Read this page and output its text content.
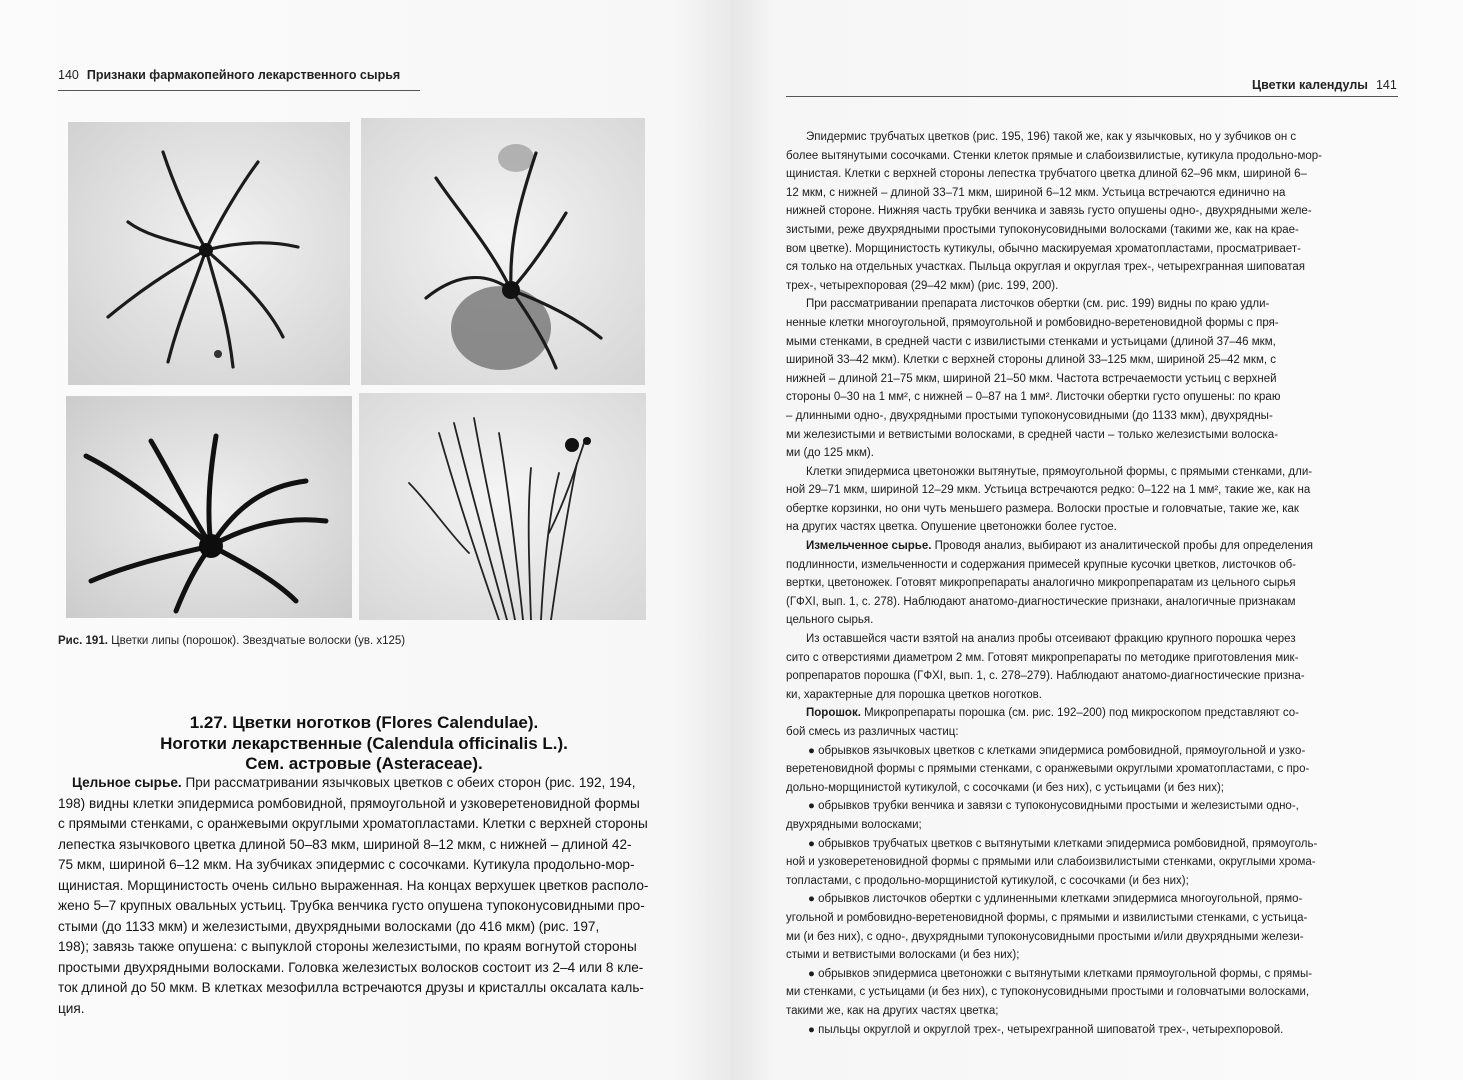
140 Признаки фармакопейного лекарственного сырья
Рис. 191. Цветки липы (порошок). Звездчатые волоски (ув. х125)
1.27. Цветки ноготков (Flores Calendulae).
Ноготки лекарственные (Calendula officinalis L.).
Сем. астровые (Asteraceae).
Цельное сырье. При рассматривании язычковых цветков с обеих сторон (рис. 192, 194,
198) видны клетки эпидермиса ромбовидной, прямоугольной и узковеретеновидной формы
с прямыми стенками, с оранжевыми округлыми хроматопластами. Клетки с верхней стороны
лепестка язычкового цветка длиной 50–83 мкм, шириной 8–12 мкм, с нижней – длиной 42-
75 мкм, шириной 6–12 мкм. На зубчиках эпидермис с сосочками. Кутикула продольно-мор-
щинистая. Морщинистость очень сильно выраженная. На концах верхушек цветков располо-
жено 5–7 крупных овальных устьиц. Трубка венчика густо опушена тупоконусовидными про-
стыми (до 1133 мкм) и железистыми, двухрядными волосками (до 416 мкм) (рис. 197,
198); завязь также опушена: с выпуклой стороны железистыми, по краям вогнутой стороны
простыми двухрядными волосками. Головка железистых волосков состоит из 2–4 или 8 кле-
ток длиной до 50 мкм. В клетках мезофилла встречаются друзы и кристаллы оксалата каль-
ция.
Цветки календулы 141
Эпидермис трубчатых цветков (рис. 195, 196) такой же, как у язычковых, но у зубчиков он с
более вытянутыми сосочками. Стенки клеток прямые и слабоизвилистые, кутикула продольно-мор-
щинистая. Клетки с верхней стороны лепестка трубчатого цветка длиной 62–96 мкм, шириной 6–
12 мкм, с нижней – длиной 33–71 мкм, шириной 6–12 мкм. Устьица встречаются единично на
нижней стороне. Нижняя часть трубки венчика и завязь густо опушены одно-, двухрядными желе-
зистыми, реже двухрядными простыми тупоконусовидными волосками (такими же, как на крае-
вом цветке). Морщинистость кутикулы, обычно маскируемая хроматопластами, просматривает-
ся только на отдельных участках. Пыльца округлая и округлая трех-, четырехгранная шиповатая
трех-, четырехпоровая (29–42 мкм) (рис. 199, 200).
При рассматривании препарата листочков обертки (см. рис. 199) видны по краю удли-
ненные клетки многоугольной, прямоугольной и ромбовидно-веретеновидной формы с пря-
мыми стенками, в средней части с извилистыми стенками и устьицами (длиной 37–46 мкм,
шириной 33–42 мкм). Клетки с верхней стороны длиной 33–125 мкм, шириной 25–42 мкм, с
нижней – длиной 21–75 мкм, шириной 21–50 мкм. Частота встречаемости устьиц с верхней
стороны 0–30 на 1 мм², с нижней – 0–87 на 1 мм². Листочки обертки густо опушены: по краю
– длинными одно-, двухрядными простыми тупоконусовидными (до 1133 мкм), двухрядны-
ми железистыми и ветвистыми волосками, в средней части – только железистыми волоска-
ми (до 125 мкм).
Клетки эпидермиса цветоножки вытянутые, прямоугольной формы, с прямыми стенками, дли-
ной 29–71 мкм, шириной 12–29 мкм. Устьица встречаются редко: 0–122 на 1 мм², такие же, как на
обертке корзинки, но они чуть меньшего размера. Волоски простые и головчатые, такие же, как
на других частях цветка. Опушение цветоножки более густое.
Измельченное сырье. Проводя анализ, выбирают из аналитической пробы для определения
подлинности, измельченности и содержания примесей крупные кусочки цветков, листочков об-
вертки, цветоножек. Готовят микропрепараты аналогично микропрепаратам из цельного сырья
(ГФХI, вып. 1, с. 278). Наблюдают анатомо-диагностические признаки, аналогичные признакам
цельного сырья.
Из оставшейся части взятой на анализ пробы отсеивают фракцию крупного порошка через
сито с отверстиями диаметром 2 мм. Готовят микропрепараты по методике приготовления мик-
ропрепаратов порошка (ГФХI, вып. 1, с. 278–279). Наблюдают анатомо-диагностические призна-
ки, характерные для порошка цветков ноготков.
Порошок. Микропрепараты порошка (см. рис. 192–200) под микроскопом представляют со-
бой смесь из различных частиц:
● обрывков язычковых цветков с клетками эпидермиса ромбовидной, прямоугольной и узко-
веретеновидной формы с прямыми стенками, с оранжевыми округлыми хроматопластами, с про-
дольно-морщинистой кутикулой, с сосочками (и без них), с устьицами (и без них);
● обрывков трубки венчика и завязи с тупоконусовидными простыми и железистыми одно-,
двухрядными волосками;
● обрывков трубчатых цветков с вытянутыми клетками эпидермиса ромбовидной, прямоуголь-
ной и узковеретеновидной формы с прямыми или слабоизвилистыми стенками, округлыми хрома-
топластами, с продольно-морщинистой кутикулой, с сосочками (и без них);
● обрывков листочков обертки с удлиненными клетками эпидермиса многоугольной, прямо-
угольной и ромбовидно-веретеновидной формы, с прямыми и извилистыми стенками, с устьица-
ми (и без них), с одно-, двухрядными тупоконусовидными простыми и/или двухрядными желези-
стыми и ветвистыми волосками (и без них);
● обрывков эпидермиса цветоножки с вытянутыми клетками прямоугольной формы, с прямы-
ми стенками, с устьицами (и без них), с тупоконусовидными простыми и головчатыми волосками,
такими же, как на других частях цветка;
● пыльцы округлой и округлой трех-, четырехгранной шиповатой трех-, четырехпоровой.
